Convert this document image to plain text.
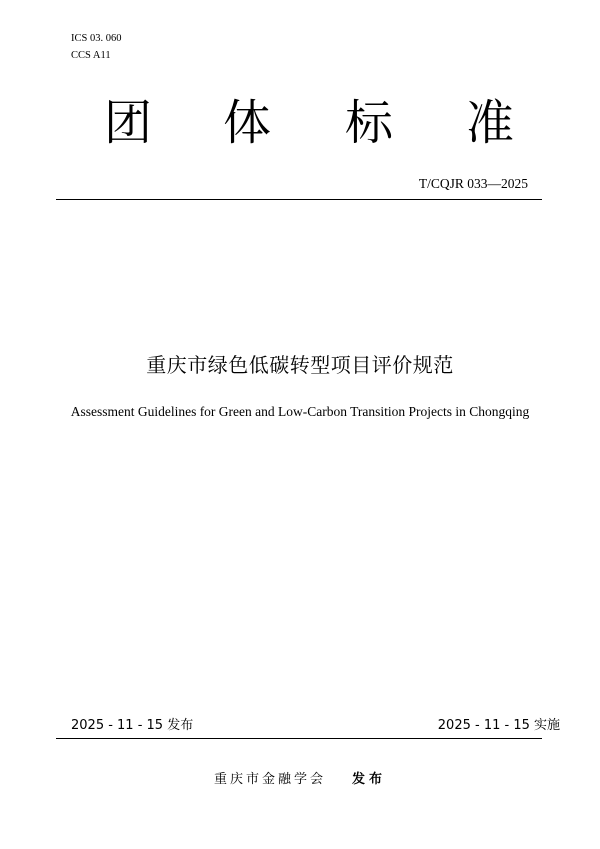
ICS 03. 060
CCS A11
团 体 标 准
T/CQJR 033—2025
重庆市绿色低碳转型项目评价规范
Assessment Guidelines for Green and Low-Carbon Transition Projects in Chongqing
2025 - 11 - 15 发布	2025 - 11 - 15 实施
重庆市金融学会 发布
